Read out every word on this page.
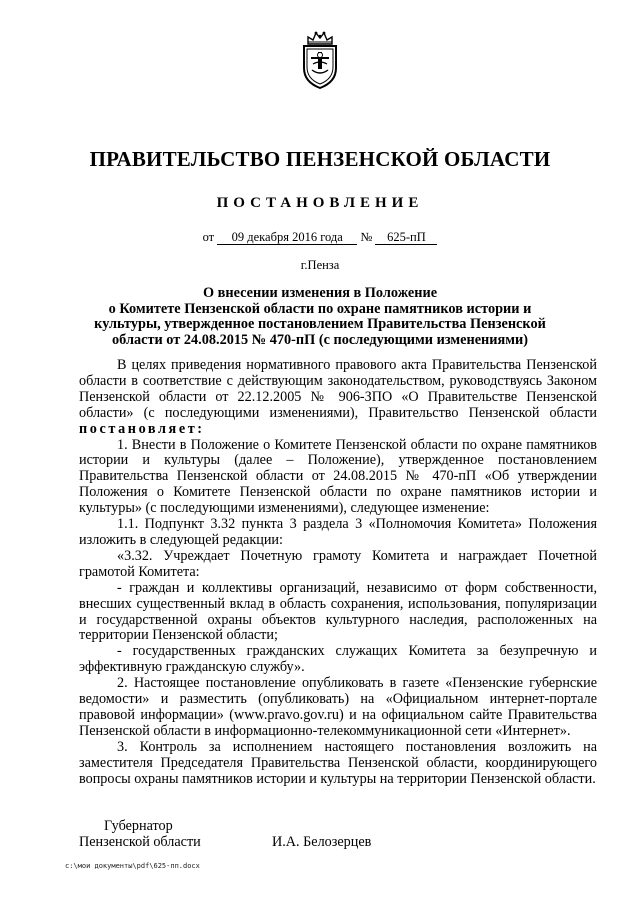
ПРАВИТЕЛЬСТВО ПЕНЗЕНСКОЙ ОБЛАСТИ
ПОСТАНОВЛЕНИЕ
от 09 декабря 2016 года № 625-пП
г.Пенза
О внесении изменения в Положение
о Комитете Пензенской области по охране памятников истории и
культуры, утвержденное постановлением Правительства Пензенской
области от 24.08.2015 № 470-пП (с последующими изменениями)

В целях приведения нормативного правового акта Правительства Пензенской области в соответствие с действующим законодательством, руководствуясь Законом Пензенской области от 22.12.2005 № 906-ЗПО «О Правительстве Пензенской области» (с последующими изменениями), Правительство Пензенской области постановляет:

1. Внести в Положение о Комитете Пензенской области по охране памятников истории и культуры (далее – Положение), утвержденное постановлением Правительства Пензенской области от 24.08.2015 № 470-пП «Об утверждении Положения о Комитете Пензенской области по охране памятников истории и культуры» (с последующими изменениями), следующее изменение:

1.1. Подпункт 3.32 пункта 3 раздела 3 «Полномочия Комитета» Положения изложить в следующей редакции:

«3.32. Учреждает Почетную грамоту Комитета и награждает Почетной грамотой Комитета:

- граждан и коллективы организаций, независимо от форм собственности, внесших существенный вклад в область сохранения, использования, популяризации и государственной охраны объектов культурного наследия, расположенных на территории Пензенской области;

- государственных гражданских служащих Комитета за безупречную и эффективную гражданскую службу».

2. Настоящее постановление опубликовать в газете «Пензенские губернские ведомости» и разместить (опубликовать) на «Официальном интернет-портале правовой информации» (www.pravo.gov.ru) и на официальном сайте Правительства Пензенской области в информационно-телекоммуникационной сети «Интернет».

3. Контроль за исполнением настоящего постановления возложить на заместителя Председателя Правительства Пензенской области, координирующего вопросы охраны памятников истории и культуры на территории Пензенской области.

Губернатор
Пензенской области	И.А. Белозерцев
c:\мои документы\pdf\625-пп.docx
